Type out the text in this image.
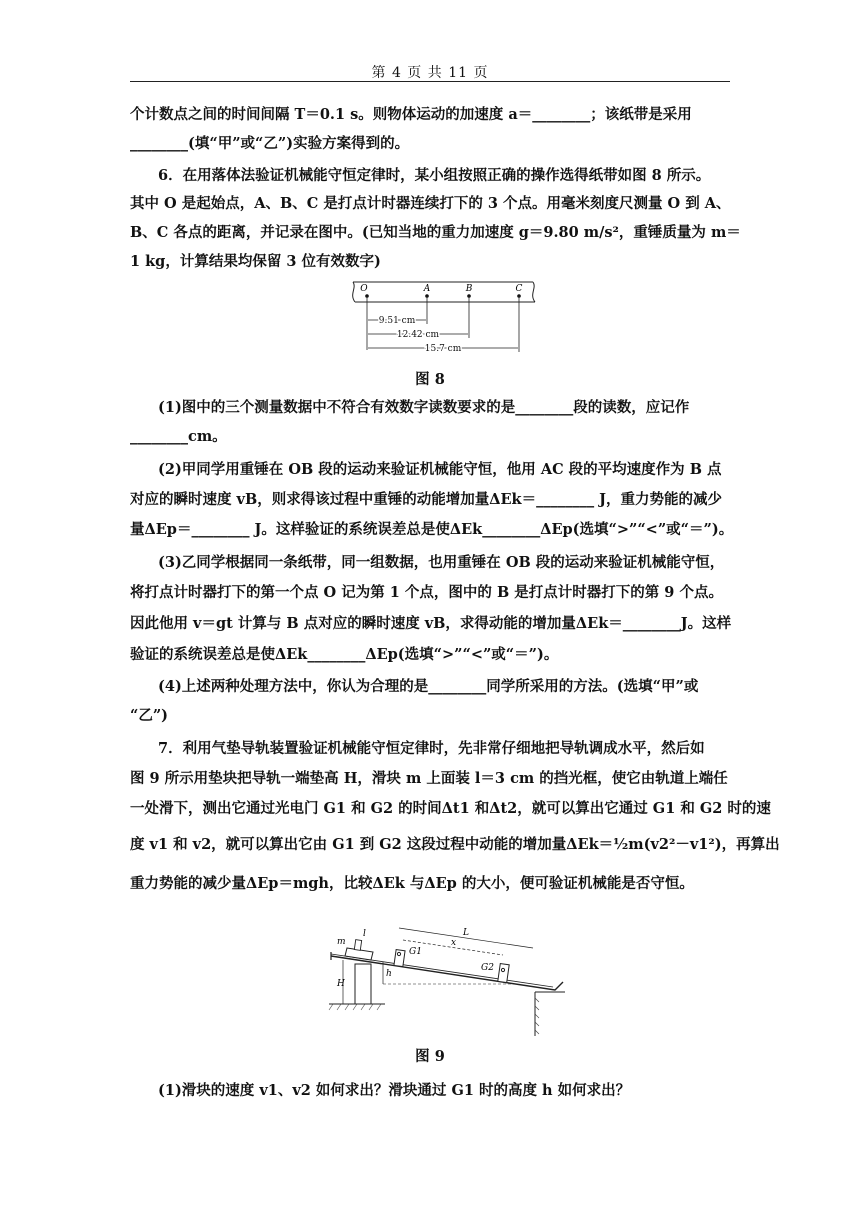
第 4 页 共 11 页
个计数点之间的时间间隔 T＝0.1 s。则物体运动的加速度 a＝________；该纸带是采用
________(填“甲”或“乙”)实验方案得到的。
6．在用落体法验证机械能守恒定律时，某小组按照正确的操作选得纸带如图 8 所示。
其中 O 是起始点，A、B、C 是打点计时器连续打下的 3 个点。用毫米刻度尺测量 O 到 A、
B、C 各点的距离，并记录在图中。(已知当地的重力加速度 g＝9.80 m/s²，重锤质量为 m＝
1 kg，计算结果均保留 3 位有效数字)
O	A	B	C
9.51 cm
12.42 cm
15.7 cm
图 8
(1)图中的三个测量数据中不符合有效数字读数要求的是________段的读数，应记作
________cm。
(2)甲同学用重锤在 OB 段的运动来验证机械能守恒，他用 AC 段的平均速度作为 B 点
对应的瞬时速度 vB，则求得该过程中重锤的动能增加量ΔEk＝________ J，重力势能的减少
量ΔEp＝________ J。这样验证的系统误差总是使ΔEk________ΔEp(选填“>”“<”或“＝”)。
(3)乙同学根据同一条纸带，同一组数据，也用重锤在 OB 段的运动来验证机械能守恒，
将打点计时器打下的第一个点 O 记为第 1 个点，图中的 B 是打点计时器打下的第 9 个点。
因此他用 v＝gt 计算与 B 点对应的瞬时速度 vB，求得动能的增加量ΔEk＝________J。这样
验证的系统误差总是使ΔEk________ΔEp(选填“>”“<”或“＝”)。
(4)上述两种处理方法中，你认为合理的是________同学所采用的方法。(选填“甲”或
“乙”)
7．利用气垫导轨装置验证机械能守恒定律时，先非常仔细地把导轨调成水平，然后如
图 9 所示用垫块把导轨一端垫高 H，滑块 m 上面装 l＝3 cm 的挡光框，使它由轨道上端任
一处滑下，测出它通过光电门 G1 和 G2 的时间Δt1 和Δt2，就可以算出它通过 G1 和 G2 时的速
度 v1 和 v2，就可以算出它由 G1 到 G2 这段过程中动能的增加量ΔEk＝½m(v2²－v1²)，再算出
重力势能的减少量ΔEp＝mgh，比较ΔEk 与ΔEp 的大小，便可验证机械能是否守恒。
H
m
l
G1
G2
L
x
h
图 9
(1)滑块的速度 v1、v2 如何求出？滑块通过 G1 时的高度 h 如何求出？
